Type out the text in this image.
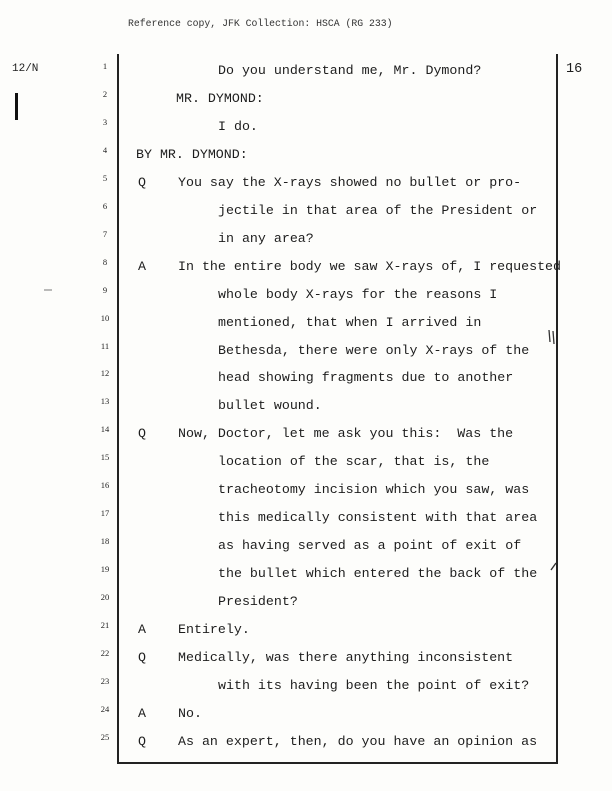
Reference copy, JFK Collection: HSCA (RG 233)
12/N	16
1	Do you understand me, Mr. Dymond?
2	MR. DYMOND:
3	I do.
4	BY MR. DYMOND:
5	Q You say the X-rays showed no bullet or pro-
6	jectile in that area of the President or
7	in any area?
8	A In the entire body we saw X-rays of, I requested
9	whole body X-rays for the reasons I
10	mentioned, that when I arrived in
11	Bethesda, there were only X-rays of the
12	head showing fragments due to another
13	bullet wound.
14	Q Now, Doctor, let me ask you this:  Was the
15	location of the scar, that is, the
16	tracheotomy incision which you saw, was
17	this medically consistent with that area
18	as having served as a point of exit of
19	the bullet which entered the back of the
20	President?
21	A Entirely.
22	Q Medically, was there anything inconsistent
23	with its having been the point of exit?
24	A No.
25	Q As an expert, then, do you have an opinion as
